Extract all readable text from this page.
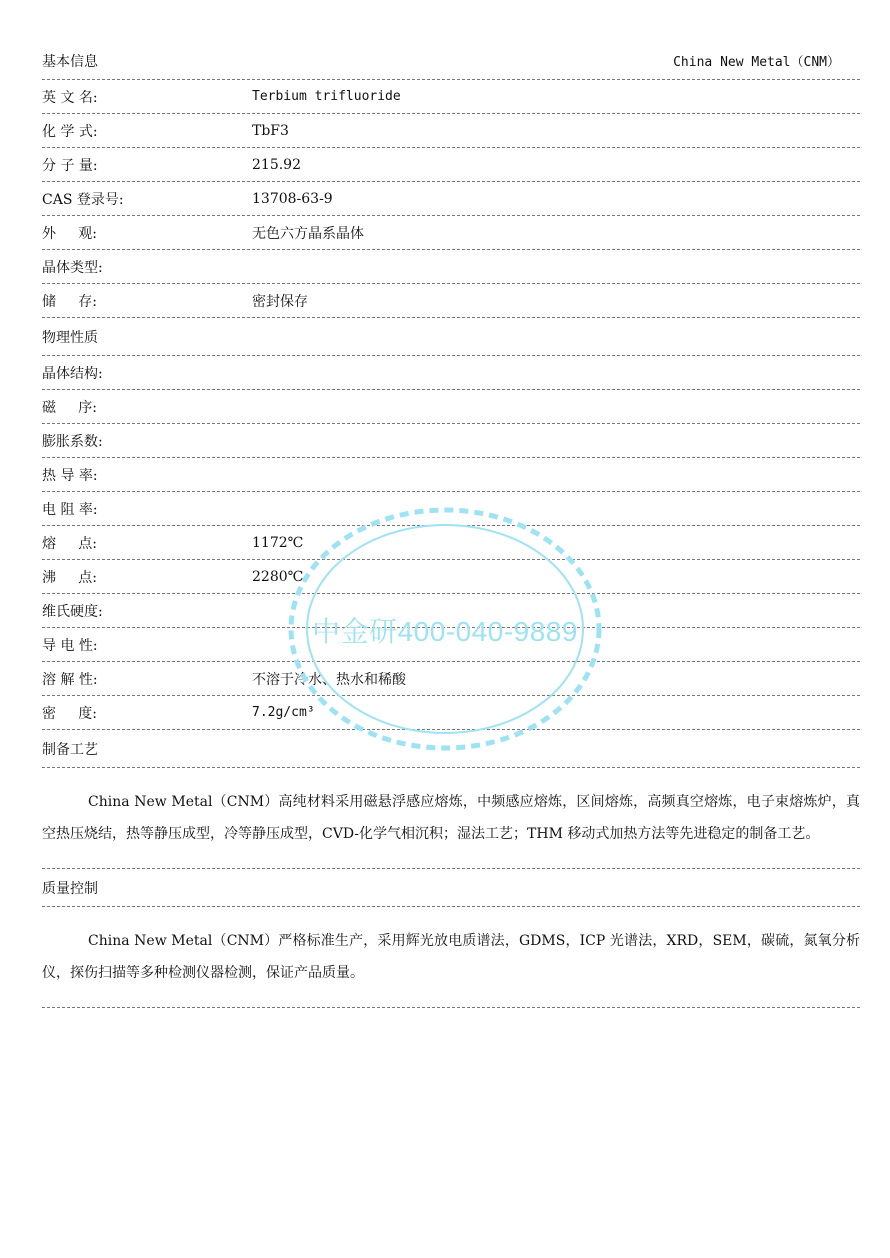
基本信息	China New Metal（CNM）
英 文 名:	Terbium trifluoride
化 学 式:	TbF3
分 子 量:	215.92
CAS 登录号:	13708-63-9
外     观:	无色六方晶系晶体
晶体类型:
储     存:	密封保存
物理性质
晶体结构:
磁     序:
膨胀系数:
热 导 率:
电 阻 率:
熔     点:	1172℃
沸     点:	2280℃
维氏硬度:
导 电 性:
溶 解 性:	不溶于冷水、热水和稀酸
密     度:	7.2g/cm³
制备工艺

China New Metal（CNM）高纯材料采用磁悬浮感应熔炼，中频感应熔炼，区间熔炼，高频真空熔炼，电子束熔炼炉，真空热压烧结，热等静压成型，冷等静压成型，CVD-化学气相沉积；湿法工艺；THM 移动式加热方法等先进稳定的制备工艺。

质量控制

China New Metal（CNM）严格标准生产，采用辉光放电质谱法，GDMS，ICP 光谱法，XRD，SEM，碳硫，氮氧分析仪，探伤扫描等多种检测仪器检测，保证产品质量。

中金研400-040-9889
